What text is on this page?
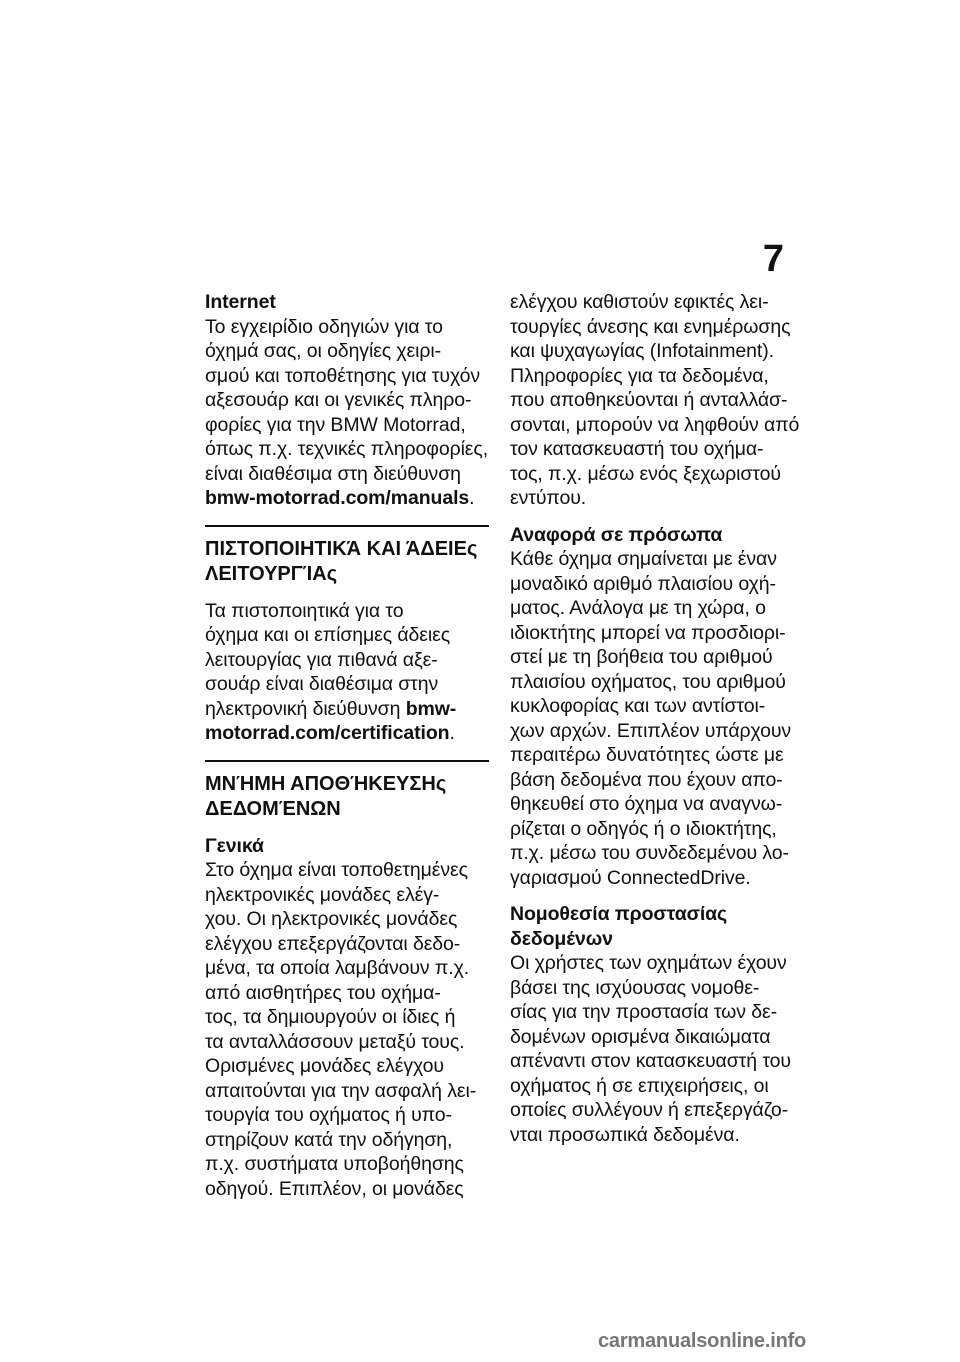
7
Internet
Το εγχειρίδιο οδηγιών για το
όχημά σας, οι οδηγίες χειρι-
σμού και τοποθέτησης για τυχόν
αξεσουάρ και οι γενικές πληρο-
φορίες για την BMW Motorrad,
όπως π.χ. τεχνικές πληροφορίες,
είναι διαθέσιμα στη διεύθυνση
bmw-motorrad.com/manuals.
ΠΙΣΤΟΠΟΙΗΤΙΚΆ ΚΑΙ ΆΔΕΙΕς
ΛΕΙΤΟΥΡΓΊΑς
Τα πιστοποιητικά για το
όχημα και οι επίσημες άδειες
λειτουργίας για πιθανά αξε-
σουάρ είναι διαθέσιμα στην
ηλεκτρονική διεύθυνση bmw-
motorrad.com/certification.
ΜΝΉΜΗ ΑΠΟΘΉΚΕΥΣΗς
ΔΕΔΟΜΈΝΩΝ
Γενικά
Στο όχημα είναι τοποθετημένες
ηλεκτρονικές μονάδες ελέγ-
χου. Οι ηλεκτρονικές μονάδες
ελέγχου επεξεργάζονται δεδο-
μένα, τα οποία λαμβάνουν π.χ.
από αισθητήρες του οχήμα-
τος, τα δημιουργούν οι ίδιες ή
τα ανταλλάσσουν μεταξύ τους.
Ορισμένες μονάδες ελέγχου
απαιτούνται για την ασφαλή λει-
τουργία του οχήματος ή υπο-
στηρίζουν κατά την οδήγηση,
π.χ. συστήματα υποβοήθησης
οδηγού. Επιπλέον, οι μονάδες
ελέγχου καθιστούν εφικτές λει-
τουργίες άνεσης και ενημέρωσης
και ψυχαγωγίας (Infotainment).
Πληροφορίες για τα δεδομένα,
που αποθηκεύονται ή ανταλλάσ-
σονται, μπορούν να ληφθούν από
τον κατασκευαστή του οχήμα-
τος, π.χ. μέσω ενός ξεχωριστού
εντύπου.
Αναφορά σε πρόσωπα
Κάθε όχημα σημαίνεται με έναν
μοναδικό αριθμό πλαισίου οχή-
ματος. Ανάλογα με τη χώρα, ο
ιδιοκτήτης μπορεί να προσδιορι-
στεί με τη βοήθεια του αριθμού
πλαισίου οχήματος, του αριθμού
κυκλοφορίας και των αντίστοι-
χων αρχών. Επιπλέον υπάρχουν
περαιτέρω δυνατότητες ώστε με
βάση δεδομένα που έχουν απο-
θηκευθεί στο όχημα να αναγνω-
ρίζεται ο οδηγός ή ο ιδιοκτήτης,
π.χ. μέσω του συνδεδεμένου λο-
γαριασμού ConnectedDrive.
Νομοθεσία προστασίας
δεδομένων
Οι χρήστες των οχημάτων έχουν
βάσει της ισχύουσας νομοθε-
σίας για την προστασία των δε-
δομένων ορισμένα δικαιώματα
απέναντι στον κατασκευαστή του
οχήματος ή σε επιχειρήσεις, οι
οποίες συλλέγουν ή επεξεργάζο-
νται προσωπικά δεδομένα.
carmanualsonline.info
